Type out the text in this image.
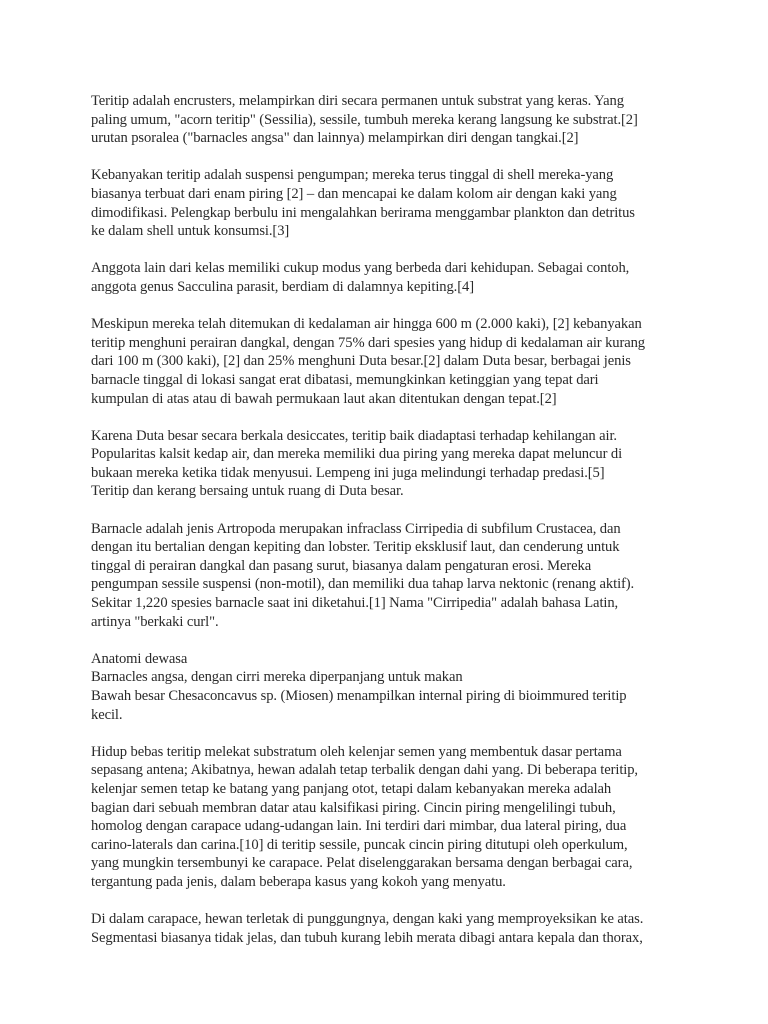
Teritip adalah encrusters, melampirkan diri secara permanen untuk substrat yang keras. Yang
paling umum, "acorn teritip" (Sessilia), sessile, tumbuh mereka kerang langsung ke substrat.[2]
urutan psoralea ("barnacles angsa" dan lainnya) melampirkan diri dengan tangkai.[2]

Kebanyakan teritip adalah suspensi pengumpan; mereka terus tinggal di shell mereka-yang
biasanya terbuat dari enam piring [2] – dan mencapai ke dalam kolom air dengan kaki yang
dimodifikasi. Pelengkap berbulu ini mengalahkan berirama menggambar plankton dan detritus
ke dalam shell untuk konsumsi.[3]

Anggota lain dari kelas memiliki cukup modus yang berbeda dari kehidupan. Sebagai contoh,
anggota genus Sacculina parasit, berdiam di dalamnya kepiting.[4]

Meskipun mereka telah ditemukan di kedalaman air hingga 600 m (2.000 kaki), [2] kebanyakan
teritip menghuni perairan dangkal, dengan 75% dari spesies yang hidup di kedalaman air kurang
dari 100 m (300 kaki), [2] dan 25% menghuni Duta besar.[2] dalam Duta besar, berbagai jenis
barnacle tinggal di lokasi sangat erat dibatasi, memungkinkan ketinggian yang tepat dari
kumpulan di atas atau di bawah permukaan laut akan ditentukan dengan tepat.[2]

Karena Duta besar secara berkala desiccates, teritip baik diadaptasi terhadap kehilangan air.
Popularitas kalsit kedap air, dan mereka memiliki dua piring yang mereka dapat meluncur di
bukaan mereka ketika tidak menyusui. Lempeng ini juga melindungi terhadap predasi.[5]
Teritip dan kerang bersaing untuk ruang di Duta besar.

Barnacle adalah jenis Artropoda merupakan infraclass Cirripedia di subfilum Crustacea, dan
dengan itu bertalian dengan kepiting dan lobster. Teritip eksklusif laut, dan cenderung untuk
tinggal di perairan dangkal dan pasang surut, biasanya dalam pengaturan erosi. Mereka
pengumpan sessile suspensi (non-motil), dan memiliki dua tahap larva nektonic (renang aktif).
Sekitar 1,220 spesies barnacle saat ini diketahui.[1] Nama "Cirripedia" adalah bahasa Latin,
artinya "berkaki curl".

Anatomi dewasa
Barnacles angsa, dengan cirri mereka diperpanjang untuk makan
Bawah besar Chesaconcavus sp. (Miosen) menampilkan internal piring di bioimmured teritip
kecil.

Hidup bebas teritip melekat substratum oleh kelenjar semen yang membentuk dasar pertama
sepasang antena; Akibatnya, hewan adalah tetap terbalik dengan dahi yang. Di beberapa teritip,
kelenjar semen tetap ke batang yang panjang otot, tetapi dalam kebanyakan mereka adalah
bagian dari sebuah membran datar atau kalsifikasi piring. Cincin piring mengelilingi tubuh,
homolog dengan carapace udang-udangan lain. Ini terdiri dari mimbar, dua lateral piring, dua
carino-laterals dan carina.[10] di teritip sessile, puncak cincin piring ditutupi oleh operkulum,
yang mungkin tersembunyi ke carapace. Pelat diselenggarakan bersama dengan berbagai cara,
tergantung pada jenis, dalam beberapa kasus yang kokoh yang menyatu.

Di dalam carapace, hewan terletak di punggungnya, dengan kaki yang memproyeksikan ke atas.
Segmentasi biasanya tidak jelas, dan tubuh kurang lebih merata dibagi antara kepala dan thorax,
